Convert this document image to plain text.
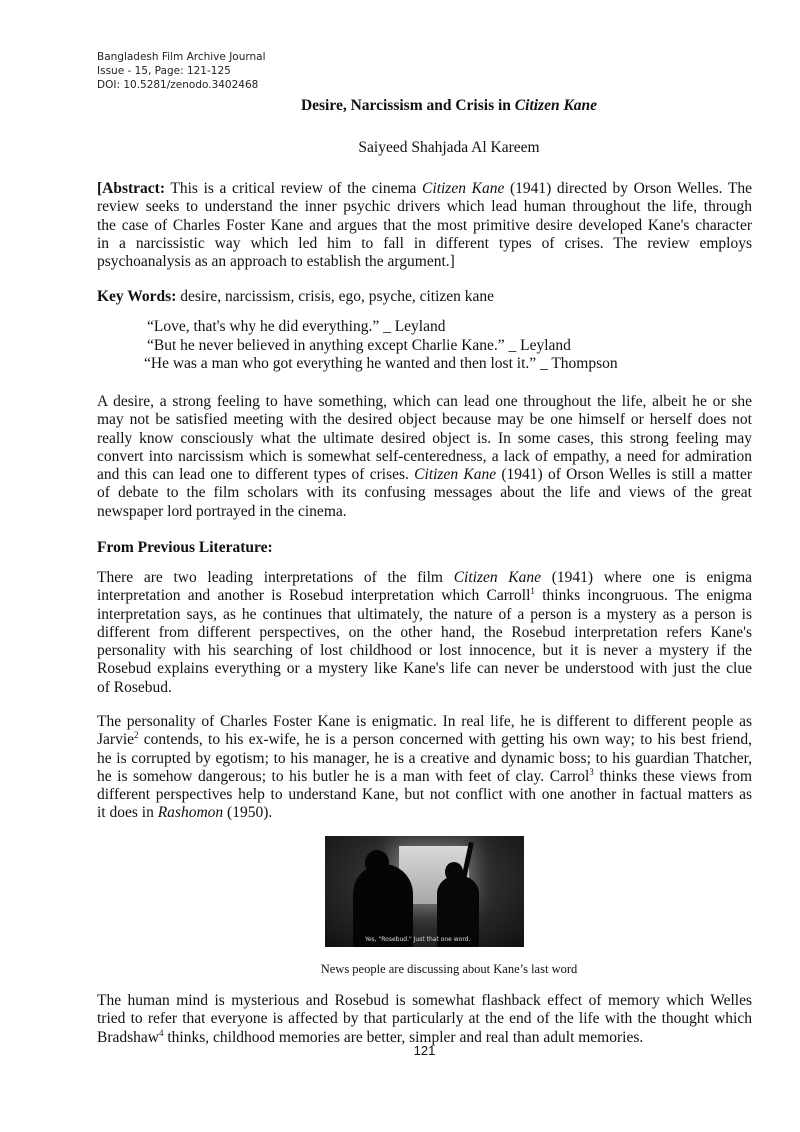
Bangladesh Film Archive Journal
Issue - 15, Page: 121-125
DOI: 10.5281/zenodo.3402468
Desire, Narcissism and Crisis in Citizen Kane
Saiyeed Shahjada Al Kareem
[Abstract: This is a critical review of the cinema Citizen Kane (1941) directed by Orson Welles. The
review seeks to understand the inner psychic drivers which lead human throughout the life, through
the case of Charles Foster Kane and argues that the most primitive desire developed Kane's character
in a narcissistic way which led him to fall in different types of crises. The review employs
psychoanalysis as an approach to establish the argument.]
Key Words: desire, narcissism, crisis, ego, psyche, citizen kane
“Love, that's why he did everything.” _ Leyland
“But he never believed in anything except Charlie Kane.” _ Leyland
“He was a man who got everything he wanted and then lost it.” _ Thompson
A desire, a strong feeling to have something, which can lead one throughout the life, albeit he or she
may not be satisfied meeting with the desired object because may be one himself or herself does not
really know consciously what the ultimate desired object is. In some cases, this strong feeling may
convert into narcissism which is somewhat self-centeredness, a lack of empathy, a need for admiration
and this can lead one to different types of crises. Citizen Kane (1941) of Orson Welles is still a matter
of debate to the film scholars with its confusing messages about the life and views of the great
newspaper lord portrayed in the cinema.
From Previous Literature:
There are two leading interpretations of the film Citizen Kane (1941) where one is enigma
interpretation and another is Rosebud interpretation which Carroll$^1$ thinks incongruous. The enigma
interpretation says, as he continues that ultimately, the nature of a person is a mystery as a person is
different from different perspectives, on the other hand, the Rosebud interpretation refers Kane's
personality with his searching of lost childhood or lost innocence, but it is never a mystery if the
Rosebud explains everything or a mystery like Kane's life can never be understood with just the clue
of Rosebud.
The personality of Charles Foster Kane is enigmatic. In real life, he is different to different people as
Jarvie$^2$ contends, to his ex-wife, he is a person concerned with getting his own way; to his best friend,
he is corrupted by egotism; to his manager, he is a creative and dynamic boss; to his guardian Thatcher,
he is somehow dangerous; to his butler he is a man with feet of clay. Carrol$^3$ thinks these views from
different perspectives help to understand Kane, but not conflict with one another in factual matters as
it does in Rashomon (1950).
Yes, "Rosebud." Just that one word.
News people are discussing about Kane’s last word
The human mind is mysterious and Rosebud is somewhat flashback effect of memory which Welles
tried to refer that everyone is affected by that particularly at the end of the life with the thought which
Bradshaw$^4$ thinks, childhood memories are better, simpler and real than adult memories.
121
